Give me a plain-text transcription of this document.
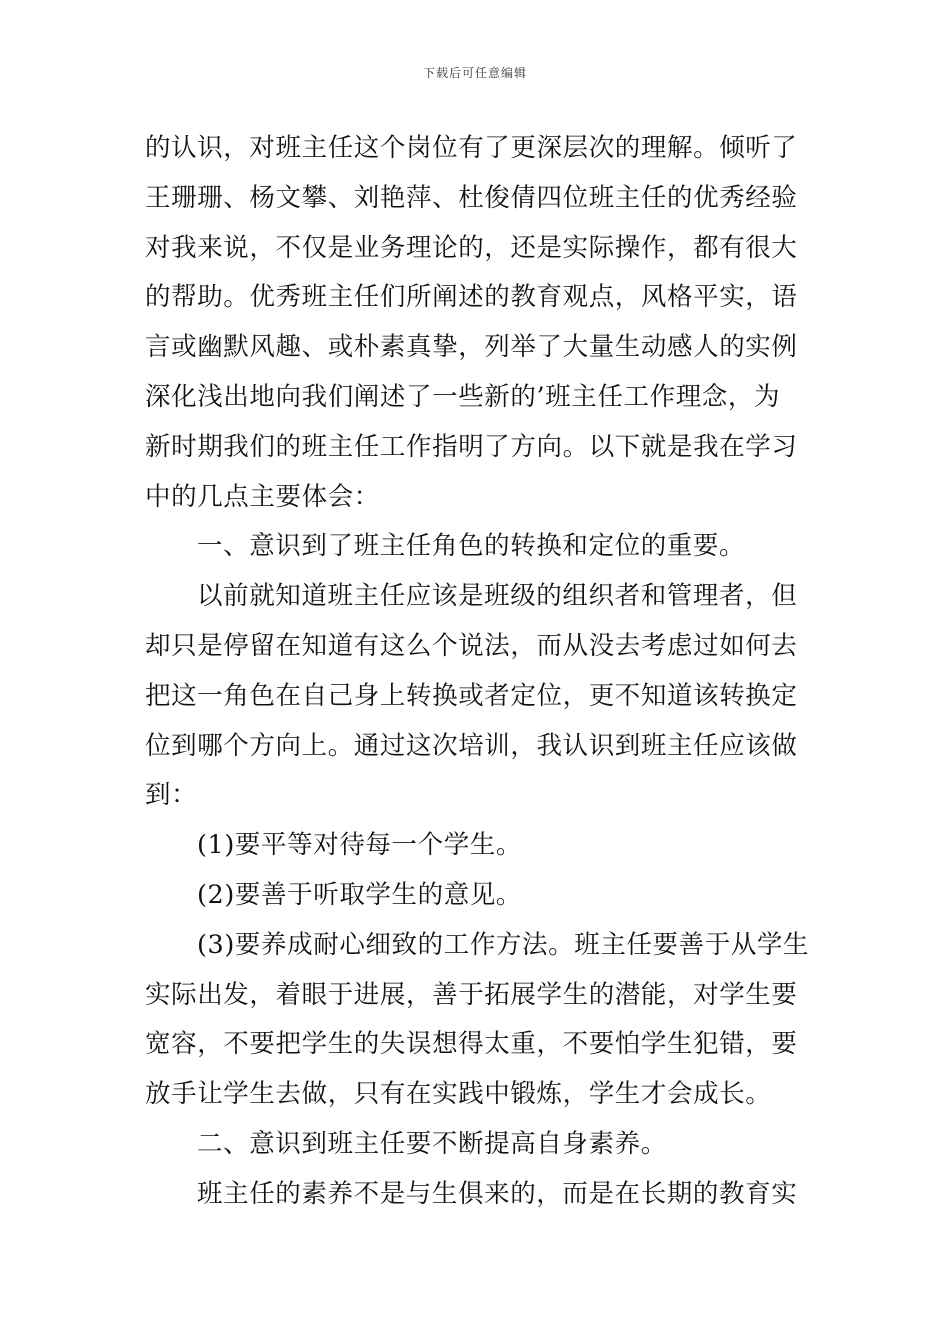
下载后可任意编辑
的认识，对班主任这个岗位有了更深层次的理解。倾听了
王珊珊、杨文攀、刘艳萍、杜俊倩四位班主任的优秀经验
对我来说，不仅是业务理论的，还是实际操作，都有很大
的帮助。优秀班主任们所阐述的教育观点，风格平实，语
言或幽默风趣、或朴素真挚，列举了大量生动感人的实例
深化浅出地向我们阐述了一些新的’班主任工作理念，为
新时期我们的班主任工作指明了方向。以下就是我在学习
中的几点主要体会：
一、意识到了班主任角色的转换和定位的重要。
以前就知道班主任应该是班级的组织者和管理者，但
却只是停留在知道有这么个说法，而从没去考虑过如何去
把这一角色在自己身上转换或者定位，更不知道该转换定
位到哪个方向上。通过这次培训，我认识到班主任应该做
到：
(1)要平等对待每一个学生。
(2)要善于听取学生的意见。
(3)要养成耐心细致的工作方法。班主任要善于从学生
实际出发，着眼于进展，善于拓展学生的潜能，对学生要
宽容，不要把学生的失误想得太重，不要怕学生犯错，要
放手让学生去做，只有在实践中锻炼，学生才会成长。
二、意识到班主任要不断提高自身素养。
班主任的素养不是与生俱来的，而是在长期的教育实
